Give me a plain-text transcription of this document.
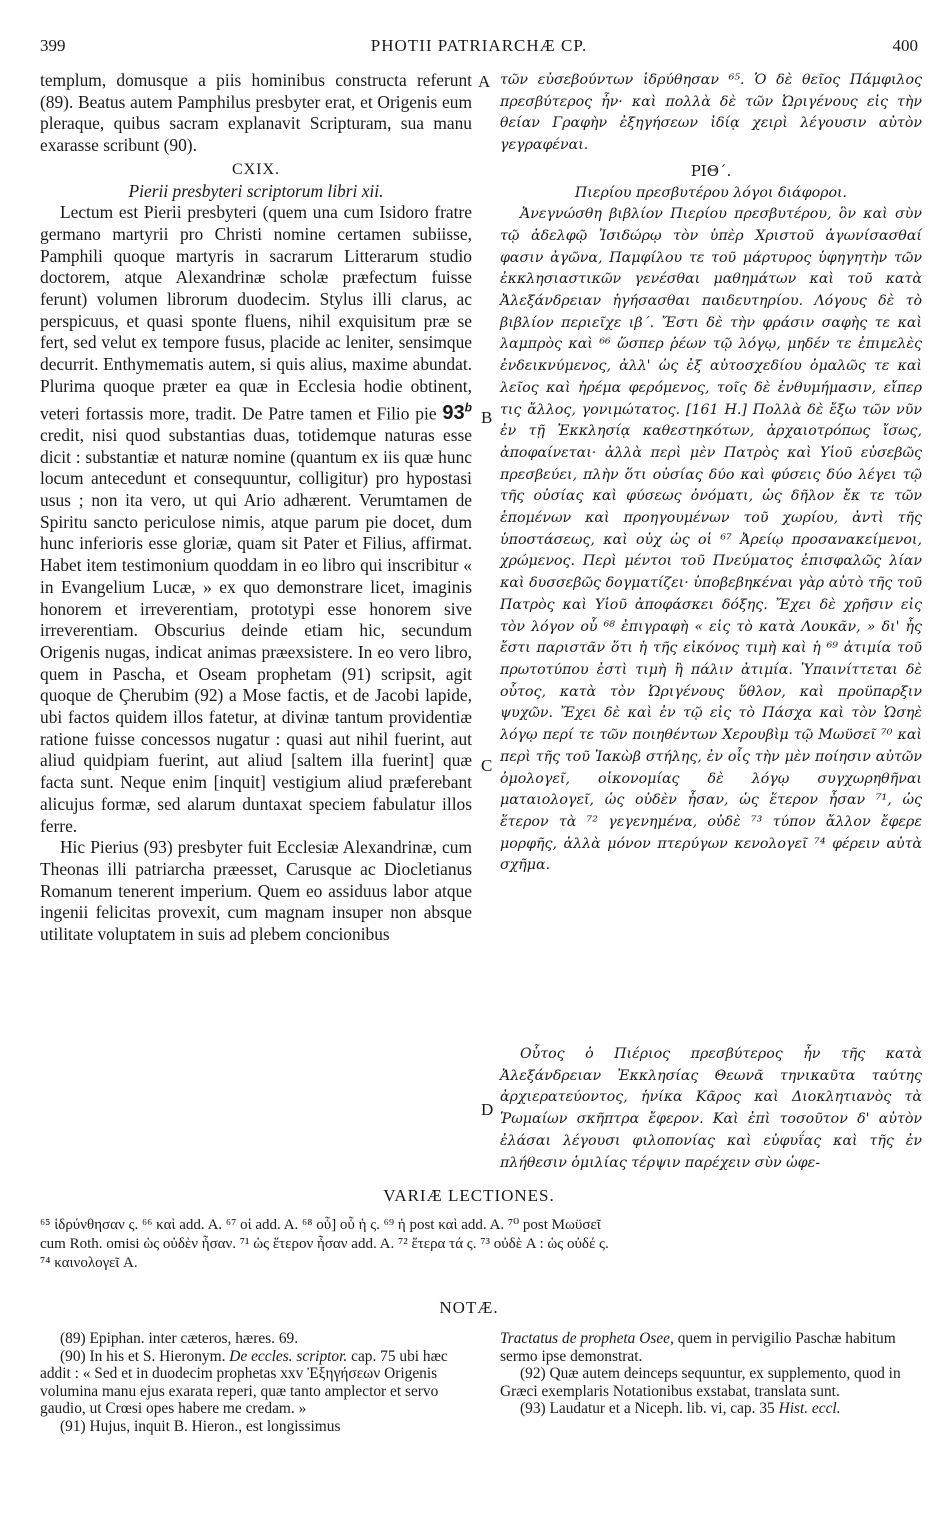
399	PHOTII PATRIARCHÆ CP.	400
A
B
C
D

templum, domusque a piis hominibus constructa referunt (89). Beatus autem Pamphilus presbyter erat, et Origenis eum pleraque, quibus sacram explanavit Scripturam, sua manu exarasse scribunt (90).

CXIX.

Pierii presbyteri scriptorum libri xii.

Lectum est Pierii presbyteri (quem una cum Isidoro fratre germano martyrii pro Christi nomine certamen subiisse, Pamphili quoque martyris in sacrarum Litterarum studio doctorem, atque Alexandrinæ scholæ præfectum fuisse ferunt) volumen librorum duodecim. Stylus illi clarus, ac perspicuus, et quasi sponte fluens, nihil exquisitum præ se fert, sed velut ex tempore fusus, placide ac leniter, sensimque decurrit. Enthymematis autem, si quis alius, maxime abundat. Plurima quoque præter ea quæ in Ecclesia hodie obtinent, veteri fortassis more, tradit. De Patre tamen et Filio pie 93$^b$ credit, nisi quod substantias duas, totidemque naturas esse dicit : substantiæ et naturæ nomine (quantum ex iis quæ hunc locum antecedunt et consequuntur, colligitur) pro hypostasi usus ; non ita vero, ut qui Ario adhærent. Verumtamen de Spiritu sancto periculose nimis, atque parum pie docet, dum hunc inferioris esse gloriæ, quam sit Pater et Filius, affirmat. Habet item testimonium quoddam in eo libro qui inscribitur « in Evangelium Lucæ, » ex quo demonstrare licet, imaginis honorem et irreverentiam, prototypi esse honorem sive irreverentiam. Obscurius deinde etiam hic, secundum Origenis nugas, indicat animas præexsistere. In eo vero libro, quem in Pascha, et Oseam prophetam (91) scripsit, agit quoque de Çherubim (92) a Mose factis, et de Jacobi lapide, ubi factos quidem illos fatetur, at divinæ tantum providentiæ ratione fuisse concessos nugatur : quasi aut nihil fuerint, aut aliud quidpiam fuerint, aut aliud [saltem illa fuerint] quæ facta sunt. Neque enim [inquit] vestigium aliud præferebant alicujus formæ, sed alarum duntaxat speciem fabulatur illos ferre.

Hic Pierius (93) presbyter fuit Ecclesiæ Alexandrinæ, cum Theonas illi patriarcha præesset, Carusque ac Diocletianus Romanum tenerent imperium. Quem eo assiduus labor atque ingenii felicitas provexit, cum magnam insuper non absque utilitate voluptatem in suis ad plebem concionibus

τῶν εὐσεβούντων ἱδρύθησαν ⁶⁵. Ὁ δὲ θεῖος Πάμφιλος πρεσβύτερος ἦν· καὶ πολλὰ δὲ τῶν Ὠριγένους εἰς τὴν θείαν Γραφὴν ἐξηγήσεων ἰδίᾳ χειρὶ λέγουσιν αὐτὸν γεγραφέναι.

ΡΙΘ΄.

Πιερίου πρεσβυτέρου λόγοι διάφοροι.

Ἀνεγνώσθη βιβλίον Πιερίου πρεσβυτέρου, ὃν καὶ σὺν τῷ ἀδελφῷ Ἰσιδώρῳ τὸν ὑπὲρ Χριστοῦ ἀγωνίσασθαί φασιν ἀγῶνα, Παμφίλου τε τοῦ μάρτυρος ὑφηγητὴν τῶν ἐκκλησιαστικῶν γενέσθαι μαθημάτων καὶ τοῦ κατὰ Ἀλεξάνδρειαν ἡγήσασθαι παιδευτηρίου. Λόγους δὲ τὸ βιβλίον περιεῖχε ιβ΄. Ἔστι δὲ τὴν φράσιν σαφὴς τε καὶ λαμπρὸς καὶ ⁶⁶ ὥσπερ ῥέων τῷ λόγῳ, μηδέν τε ἐπιμελὲς ἐνδεικνύμενος, ἀλλ' ὡς ἐξ αὐτοσχεδίου ὁμαλῶς τε καὶ λεῖος καὶ ἠρέμα φερόμενος, τοῖς δὲ ἐνθυμήμασιν, εἴπερ τις ἄλλος, γονιμώτατος. [161 H.] Πολλὰ δὲ ἔξω τῶν νῦν ἐν τῇ Ἐκκλησίᾳ καθεστηκότων, ἀρχαιοτρόπως ἴσως, ἀποφαίνεται· ἀλλὰ περὶ μὲν Πατρὸς καὶ Υἱοῦ εὐσεβῶς πρεσβεύει, πλὴν ὅτι οὐσίας δύο καὶ φύσεις δύο λέγει τῷ τῆς οὐσίας καὶ φύσεως ὀνόματι, ὡς δῆλον ἔκ τε τῶν ἑπομένων καὶ προηγουμένων τοῦ χωρίου, ἀντὶ τῆς ὑποστάσεως, καὶ οὐχ ὡς οἱ ⁶⁷ Ἀρείῳ προσανακείμενοι, χρώμενος. Περὶ μέντοι τοῦ Πνεύματος ἐπισφαλῶς λίαν καὶ δυσσεβῶς δογματίζει· ὑποβεβηκέναι γὰρ αὐτὸ τῆς τοῦ Πατρὸς καὶ Υἱοῦ ἀποφάσκει δόξης. Ἔχει δὲ χρῆσιν εἰς τὸν λόγον οὗ ⁶⁸ ἐπιγραφὴ « εἰς τὸ κατὰ Λουκᾶν, » δι' ἧς ἔστι παριστᾶν ὅτι ἡ τῆς εἰκόνος τιμὴ καὶ ἡ ⁶⁹ ἀτιμία τοῦ πρωτοτύπου ἐστὶ τιμὴ ἢ πάλιν ἀτιμία. Ὑπαινίττεται δὲ οὗτος, κατὰ τὸν Ὠριγένους ὕθλον, καὶ προϋπαρξιν ψυχῶν. Ἔχει δὲ καὶ ἐν τῷ εἰς τὸ Πάσχα καὶ τὸν Ὡσηὲ λόγῳ περί τε τῶν ποιηθέντων Χερουβὶμ τῷ Μωϋσεῖ ⁷⁰ καὶ περὶ τῆς τοῦ Ἰακὼβ στήλης, ἐν οἷς τὴν μὲν ποίησιν αὐτῶν ὁμολογεῖ, οἰκονομίας δὲ λόγῳ συγχωρηθῆναι ματαιολογεῖ, ὡς οὐδὲν ἦσαν, ὡς ἕτερον ἦσαν ⁷¹, ὡς ἕτερον τὰ ⁷² γεγενημένα, οὐδὲ ⁷³ τύπον ἄλλον ἔφερε μορφῆς, ἀλλὰ μόνον πτερύγων κενολογεῖ ⁷⁴ φέρειν αὐτὰ σχῆμα.

Οὗτος ὁ Πιέριος πρεσβύτερος ἦν τῆς κατὰ Ἀλεξάνδρειαν Ἐκκλησίας Θεωνᾶ τηνικαῦτα ταύτης ἀρχιερατεύοντος, ἡνίκα Κᾶρος καὶ Διοκλητιανὸς τὰ Ῥωμαίων σκῆπτρα ἔφερον. Καὶ ἐπὶ τοσοῦτον δ' αὐτὸν ἐλάσαι λέγουσι φιλοπονίας καὶ εὐφυΐας καὶ τῆς ἐν πλήθεσιν ὁμιλίας τέρψιν παρέχειν σὺν ὠφε-

VARIÆ LECTIONES.

⁶⁵ ἱδρύνθησαν ς. ⁶⁶ καὶ add. A. ⁶⁷ οἱ add. A. ⁶⁸ οὗ] οὗ ἡ ς. ⁶⁹ ἡ post καὶ add. A. ⁷⁰ post Μωϋσεῖ

cum Roth. omisi ὡς οὐδὲν ἦσαν. ⁷¹ ὡς ἕτερον ἦσαν add. A. ⁷² ἕτερα τά ς. ⁷³ οὐδὲ A : ὡς οὐδέ ς.

⁷⁴ καινολογεῖ A.

NOTÆ.

(89) Epiphan. inter cæteros, hæres. 69.

(90) In his et S. Hieronym. De eccles. scriptor. cap. 75 ubi hæc addit : « Sed et in duodecim prophetas xxv Ἐξηγήσεων Origenis volumina manu ejus exarata reperi, quæ tanto amplector et servo gaudio, ut Crœsi opes habere me credam. »

(91) Hujus, inquit B. Hieron., est longissimus

Tractatus de propheta Osee, quem in pervigilio Paschæ habitum sermo ipse demonstrat.

(92) Quæ autem deinceps sequuntur, ex supplemento, quod in Græci exemplaris Notationibus exstabat, translata sunt.

(93) Laudatur et a Niceph. lib. vi, cap. 35 Hist. eccl.
